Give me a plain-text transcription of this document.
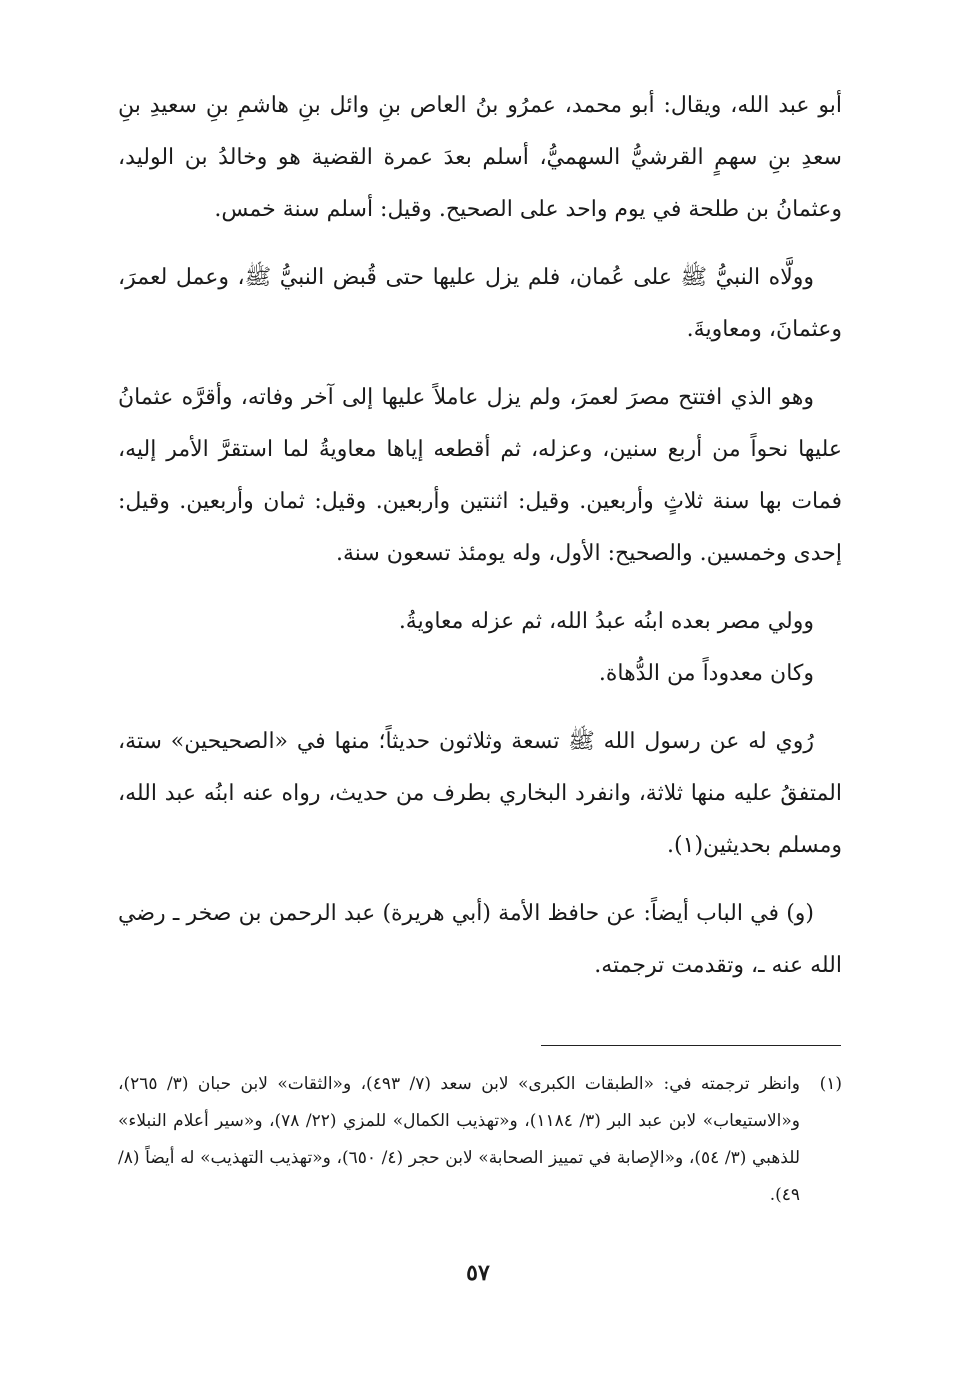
أبو عبد الله، ويقال: أبو محمد، عمرُو بنُ العاص بنِ وائل بنِ هاشمِ بنِ سعيدِ بنِ سعدِ بنِ سهمٍ القرشيُّ السهميُّ، أسلم بعدَ عمرة القضية هو وخالدُ بن الوليد، وعثمانُ بن طلحة في يوم واحد على الصحيح. وقيل: أسلم سنة خمس.

وولَّاه النبيُّ ﷺ على عُمان، فلم يزل عليها حتى قُبض النبيُّ ﷺ، وعمل لعمرَ، وعثمانَ، ومعاويةَ.

وهو الذي افتتح مصرَ لعمرَ، ولم يزل عاملاً عليها إلى آخر وفاته، وأقرَّه عثمانُ عليها نحواً من أربع سنين، وعزله، ثم أقطعه إياها معاويةُ لما استقرَّ الأمر إليه، فمات بها سنة ثلاثٍ وأربعين. وقيل: اثنتين وأربعين. وقيل: ثمان وأربعين. وقيل: إحدى وخمسين. والصحيح: الأول، وله يومئذ تسعون سنة.

وولي مصر بعده ابنُه عبدُ الله، ثم عزله معاويةُ.

وكان معدوداً من الدُّهاة.

رُوي له عن رسول الله ﷺ تسعة وثلاثون حديثاً؛ منها في «الصحيحين» ستة، المتفقُ عليه منها ثلاثة، وانفرد البخاري بطرف من حديث، رواه عنه ابنُه عبد الله، ومسلم بحديثين(١).

(و) في الباب أيضاً: عن حافظ الأمة (أبي هريرة) عبد الرحمن بن صخر ـ رضي الله عنه ـ، وتقدمت ترجمته.

(١)
وانظر ترجمته في: «الطبقات الكبرى» لابن سعد (٧/ ٤٩٣)، و«الثقات» لابن حبان (٣/ ٢٦٥)، و«الاستيعاب» لابن عبد البر (٣/ ١١٨٤)، و«تهذيب الكمال» للمزي (٢٢/ ٧٨)، و«سير أعلام النبلاء» للذهبي (٣/ ٥٤)، و«الإصابة في تمييز الصحابة» لابن حجر (٤/ ٦٥٠)، و«تهذيب التهذيب» له أيضاً (٨/ ٤٩).

٥٧
